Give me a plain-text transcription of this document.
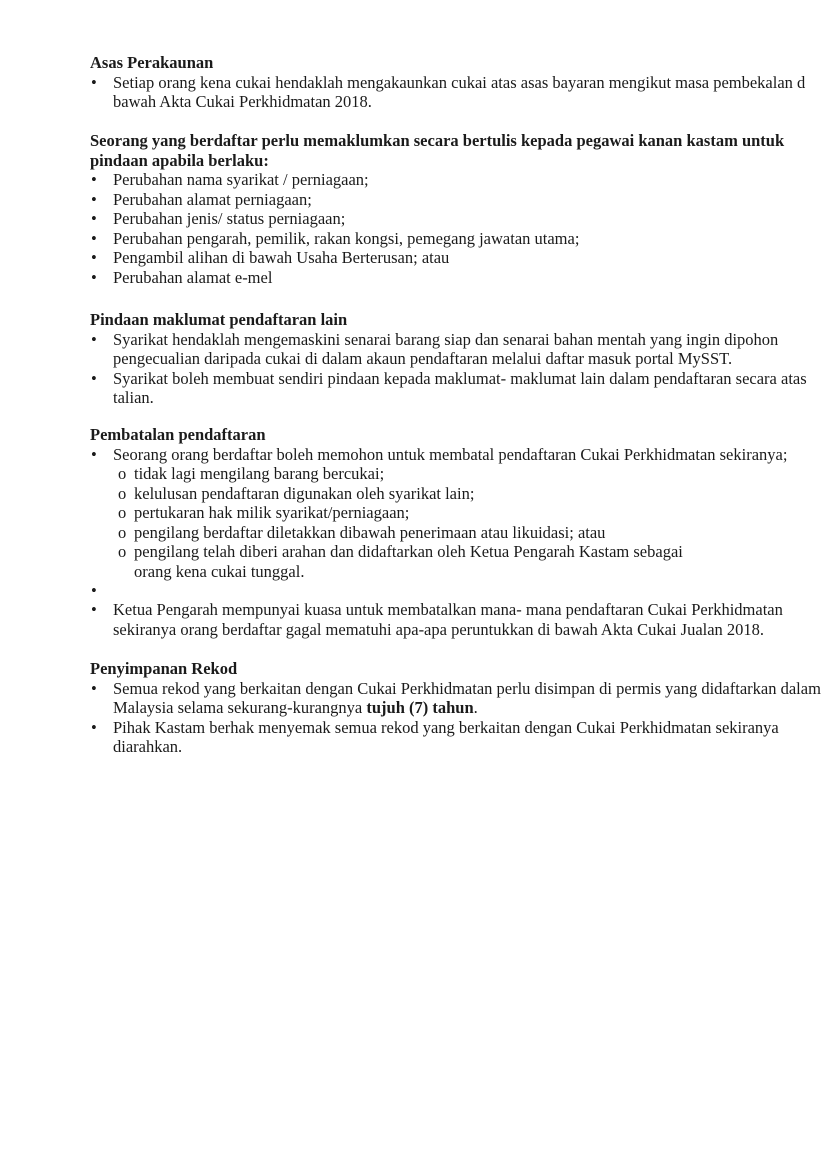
Asas Perakaunan
• Setiap orang kena cukai hendaklah mengakaunkan cukai atas asas bayaran mengikut masa pembekalan d
bawah Akta Cukai Perkhidmatan 2018.
Seorang yang berdaftar perlu memaklumkan secara bertulis kepada pegawai kanan kastam untuk
pindaan apabila berlaku:
• Perubahan nama syarikat / perniagaan;
• Perubahan alamat perniagaan;
• Perubahan jenis/ status perniagaan;
• Perubahan pengarah, pemilik, rakan kongsi, pemegang jawatan utama;
• Pengambil alihan di bawah Usaha Berterusan; atau
• Perubahan alamat e-mel
Pindaan maklumat pendaftaran lain
• Syarikat hendaklah mengemaskini senarai barang siap dan senarai bahan mentah yang ingin dipohon
pengecualian daripada cukai di dalam akaun pendaftaran melalui daftar masuk portal MySST.
• Syarikat boleh membuat sendiri pindaan kepada maklumat- maklumat lain dalam pendaftaran secara atas
talian.
Pembatalan pendaftaran
• Seorang orang berdaftar boleh memohon untuk membatal pendaftaran Cukai Perkhidmatan sekiranya;
o tidak lagi mengilang barang bercukai;
o kelulusan pendaftaran digunakan oleh syarikat lain;
o pertukaran hak milik syarikat/perniagaan;
o pengilang berdaftar diletakkan dibawah penerimaan atau likuidasi; atau
o pengilang telah diberi arahan dan didaftarkan oleh Ketua Pengarah Kastam sebagai
orang kena cukai tunggal.
•
• Ketua Pengarah mempunyai kuasa untuk membatalkan mana- mana pendaftaran Cukai Perkhidmatan
sekiranya orang berdaftar gagal mematuhi apa-apa peruntukkan di bawah Akta Cukai Jualan 2018.
Penyimpanan Rekod
• Semua rekod yang berkaitan dengan Cukai Perkhidmatan perlu disimpan di permis yang didaftarkan dalam
Malaysia selama sekurang-kurangnya tujuh (7) tahun.
• Pihak Kastam berhak menyemak semua rekod yang berkaitan dengan Cukai Perkhidmatan sekiranya
diarahkan.
